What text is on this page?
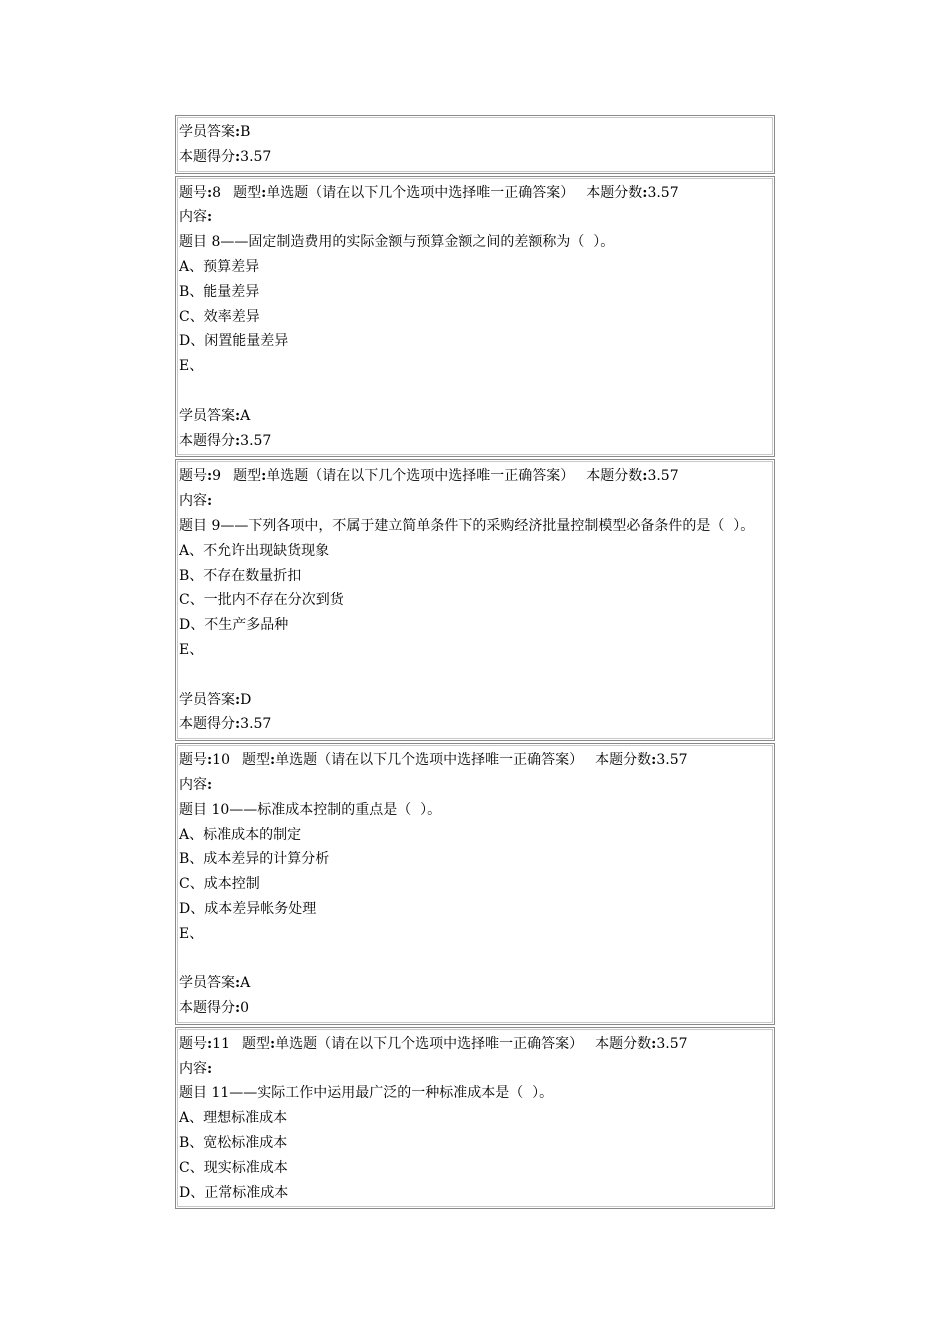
学员答案:B
本题得分:3.57
题号:8 题型:单选题（请在以下几个选项中选择唯一正确答案） 本题分数:3.57
内容:
题目 8——固定制造费用的实际金额与预算金额之间的差额称为（  ）。
A、预算差异
B、能量差异
C、效率差异
D、闲置能量差异
E、
学员答案:A
本题得分:3.57
题号:9 题型:单选题（请在以下几个选项中选择唯一正确答案） 本题分数:3.57
内容:
题目 9——下列各项中，不属于建立简单条件下的采购经济批量控制模型必备条件的是（  ）。
A、不允许出现缺货现象
B、不存在数量折扣
C、一批内不存在分次到货
D、不生产多品种
E、
学员答案:D
本题得分:3.57
题号:10 题型:单选题（请在以下几个选项中选择唯一正确答案） 本题分数:3.57
内容:
题目 10——标准成本控制的重点是（  ）。
A、标准成本的制定
B、成本差异的计算分析
C、成本控制
D、成本差异帐务处理
E、
学员答案:A
本题得分:0
题号:11 题型:单选题（请在以下几个选项中选择唯一正确答案） 本题分数:3.57
内容:
题目 11——实际工作中运用最广泛的一种标准成本是（  ）。
A、理想标准成本
B、宽松标准成本
C、现实标准成本
D、正常标准成本
